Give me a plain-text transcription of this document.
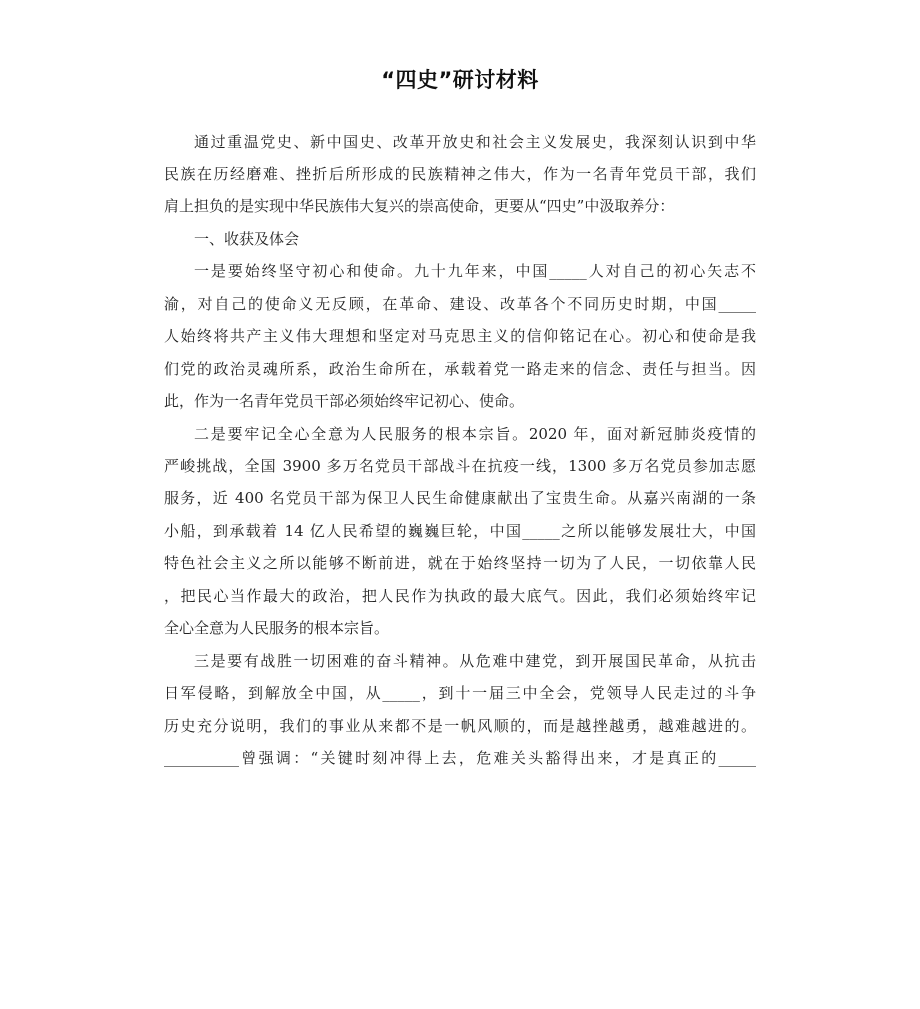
“四史”研讨材料
通过重温党史、新中国史、改革开放史和社会主义发展史，我深刻认识到中华
民族在历经磨难、挫折后所形成的民族精神之伟大，作为一名青年党员干部，我们
肩上担负的是实现中华民族伟大复兴的崇高使命，更要从“四史”中汲取养分：
一、收获及体会
一是要始终坚守初心和使命。九十九年来，中国_____人对自己的初心矢志不
渝，对自己的使命义无反顾，在革命、建设、改革各个不同历史时期，中国_____
人始终将共产主义伟大理想和坚定对马克思主义的信仰铭记在心。初心和使命是我
们党的政治灵魂所系，政治生命所在，承载着党一路走来的信念、责任与担当。因
此，作为一名青年党员干部必须始终牢记初心、使命。
二是要牢记全心全意为人民服务的根本宗旨。2020 年，面对新冠肺炎疫情的
严峻挑战，全国 3900 多万名党员干部战斗在抗疫一线，1300 多万名党员参加志愿
服务，近 400 名党员干部为保卫人民生命健康献出了宝贵生命。从嘉兴南湖的一条
小船，到承载着 14 亿人民希望的巍巍巨轮，中国_____之所以能够发展壮大，中国
特色社会主义之所以能够不断前进，就在于始终坚持一切为了人民，一切依靠人民
，把民心当作最大的政治，把人民作为执政的最大底气。因此，我们必须始终牢记
全心全意为人民服务的根本宗旨。
三是要有战胜一切困难的奋斗精神。从危难中建党，到开展国民革命，从抗击
日军侵略，到解放全中国，从_____，到十一届三中全会，党领导人民走过的斗争
历史充分说明，我们的事业从来都不是一帆风顺的，而是越挫越勇，越难越进的。
__________曾强调：“关键时刻冲得上去，危难关头豁得出来，才是真正的_____
